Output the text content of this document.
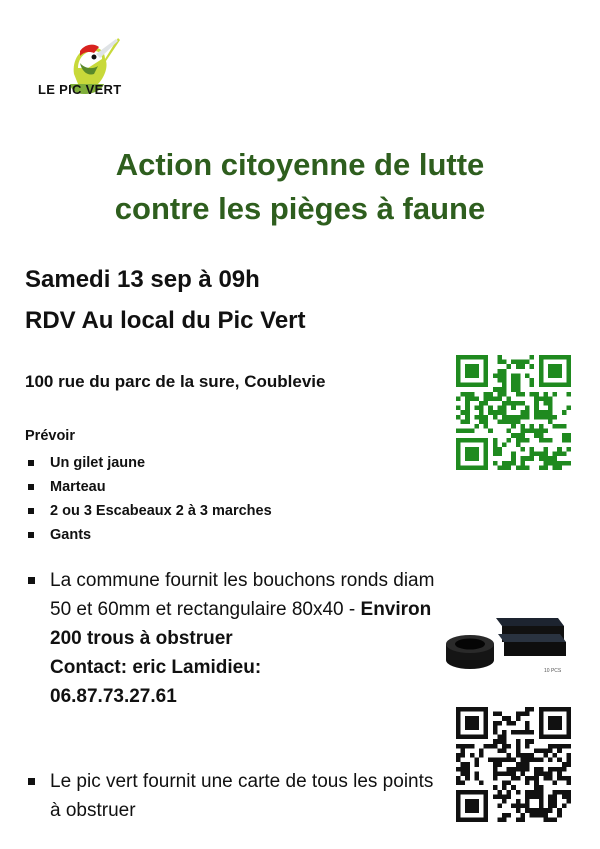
LE PIC VERT
Action citoyenne de lutte
contre les pièges à faune
Samedi 13 sep à 09h
RDV Au local du Pic Vert
100 rue du parc de la sure, Coublevie
Prévoir
Un gilet jaune
Marteau
2 ou 3 Escabeaux 2 à 3 marches
Gants
La commune fournit les bouchons ronds diam 50 et 60mm et rectangulaire 80x40 - Environ 200 trous à obstruer
Contact: eric Lamidieu:
06.87.73.27.61
Le pic vert fournit une carte de tous les points à obstruer
10 PCS
